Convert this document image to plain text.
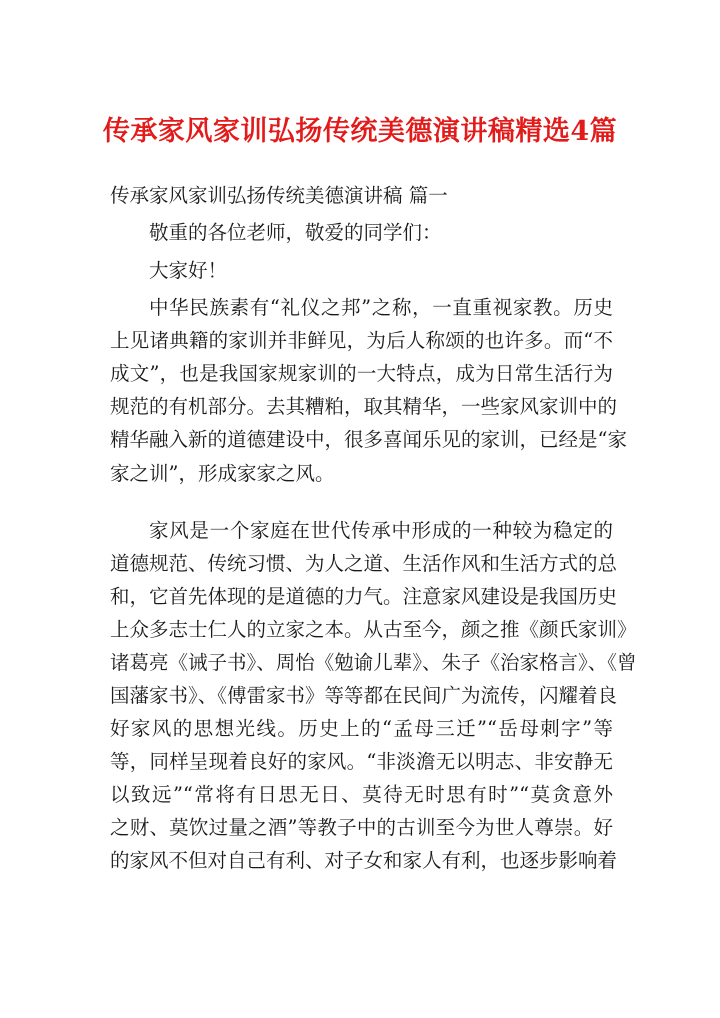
传承家风家训弘扬传统美德演讲稿精选4篇

传承家风家训弘扬传统美德演讲稿 篇一

敬重的各位老师，敬爱的同学们：

大家好！

中华民族素有“礼仪之邦”之称，一直重视家教。历史

上见诸典籍的家训并非鲜见，为后人称颂的也许多。而“不

成文”，也是我国家规家训的一大特点，成为日常生活行为

规范的有机部分。去其糟粕，取其精华，一些家风家训中的

精华融入新的道德建设中，很多喜闻乐见的家训，已经是“家

家之训”，形成家家之风。

家风是一个家庭在世代传承中形成的一种较为稳定的

道德规范、传统习惯、为人之道、生活作风和生活方式的总

和，它首先体现的是道德的力气。注意家风建设是我国历史

上众多志士仁人的立家之本。从古至今，颜之推《颜氏家训》

诸葛亮《诫子书》、周怡《勉谕儿辈》、朱子《治家格言》、《曾

国藩家书》、《傅雷家书》等等都在民间广为流传，闪耀着良

好家风的思想光线。历史上的“孟母三迁”“岳母刺字”等

等，同样呈现着良好的家风。“非淡澹无以明志、非安静无

以致远”“常将有日思无日、莫待无时思有时”“莫贪意外

之财、莫饮过量之酒”等教子中的古训至今为世人尊崇。好

的家风不但对自己有利、对子女和家人有利，也逐步影响着
